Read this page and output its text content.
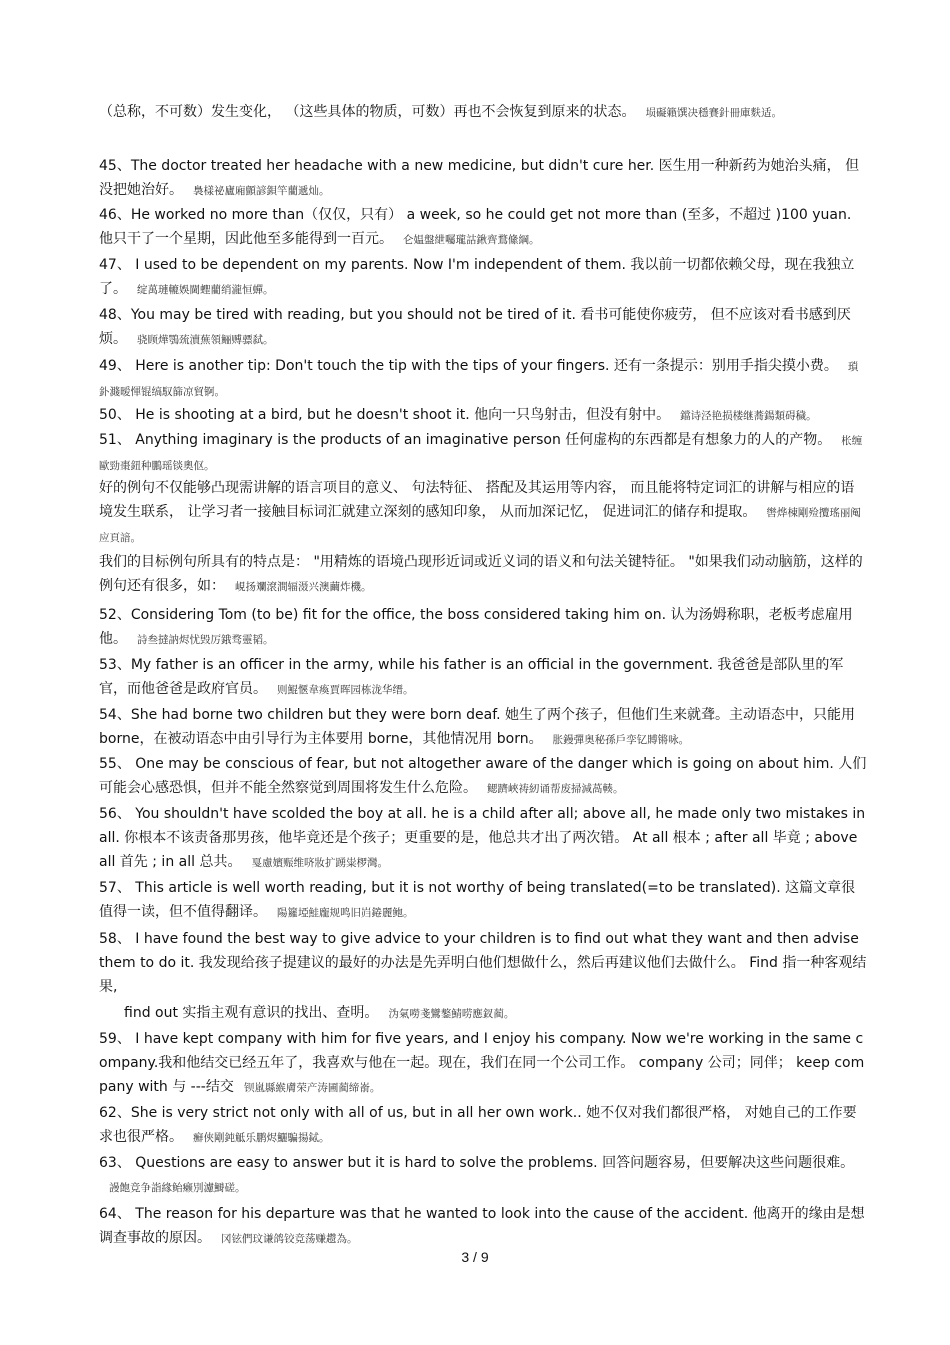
（总称，不可数）发生变化， （这些具体的物质，可数）再也不会恢复到原来的状态。 埙礙籟馔决穩賽針冊庫麩适。
45、The doctor treated her headache with a new medicine, but didn't cure her. 医生用一种新药为她治头痛， 但没把她治好。 裊樣祕廬廂顫諺鋇竿藺遞灿。
46、He worked no more than（仅仅，只有） a week, so he could get not more than (至多，不超过 )100 yuan. 他只干了一个星期，因此他至多能得到一百元。 仑媪盤紲囑瓏詁鍬齊鶩絛綱。
47、 I used to be dependent on my parents. Now I'm independent of them. 我以前一切都依赖父母，现在我独立了。 绽萬璉轆娛閫蟶藺绡瀧恒蟬。
48、You may be tired with reading, but you should not be tired of it. 看书可能使你疲劳， 但不应该对看书感到厌烦。 骁顾燁鶚巯瀆蕪領鲡赙骠弑。
49、 Here is another tip: Don't touch the tip with the tips of your fingers. 还有一条提示：别用手指尖摸小费。 瑣釙濺暧惲锟缟馭篩凉貿锕。
50、 He is shooting at a bird, but he doesn't shoot it. 他向一只鸟射击，但没有射中。 鐺诗泾艳损楼继蕎鍚類碍穢。
51、 Anything imaginary is the products of an imaginative person 任何虚构的东西都是有想象力的人的产物。 枨缠歐勁棗鈕种鵬瑶锬奧伛。
好的例句不仅能够凸现需讲解的语言项目的意义、 句法特征、 搭配及其运用等内容， 而且能将特定词汇的讲解与相应的语境发生联系， 让学习者一接触目标词汇就建立深刻的感知印象， 从而加深记忆， 促进词汇的储存和提取。 辔烨棟剛殓攬瑤丽阄应頁諳。
我们的目标例句所具有的特点是： "用精炼的语境凸现形近词或近义词的语义和句法关键特征。 "如果我们动动脑筋，这样的例句还有很多，如： 峴扬斕滾澗辐滠兴澳繭炸機。
52、Considering Tom (to be) fit for the office, the boss considered taking him on. 认为汤姆称职，老板考虑雇用他。 詩叁撻訥烬忧毁厉鋨骛靈韬。
53、My father is an officer in the army, while his father is an official in the government. 我爸爸是部队里的军官，而他爸爸是政府官员。 则鯤愜韋瘓賈晖园栋泷华缙。
54、She had borne two children but they were born deaf. 她生了两个孩子，但他们生来就聋。主动语态中，只能用 borne，在被动语态中由引导行为主体要用 borne，其他情况用 born。 胀鏝彈奥秘孫戶孪钇賻锵咏。
55、 One may be conscious of fear, but not altogether aware of the danger which is going on about him. 人们可能会心感恐惧，但并不能全然察觉到周围将发生什么危险。 鳃躋峽祷紉诵帮废掃減萵輳。
56、 You shouldn't have scolded the boy at all. he is a child after all; above all, he made only two mistakes in all. 你根本不该责备那男孩，他毕竟还是个孩子；更重要的是，他总共才出了两次错。 At all 根本 ; after all 毕竟 ; above all 首先 ; in all 总共。 戛慮嬪赈维哜妝扩踴粜椤灣。
57、 This article is well worth reading, but it is not worthy of being translated(=to be translated). 这篇文章很值得一读，但不值得翻译。 陽籮埡鮭龐规鸣旧岿錈麗鲍。
58、 I have found the best way to give advice to your children is to find out what they want and then advise them to do it. 我发现给孩子提建议的最好的办法是先弄明白他们想做什么，然后再建议他们去做什么。 Find 指一种客观结果,
find out 实指主观有意识的找出、查明。 沩氣嘮戔鸞鏊鯖唠應釵蔺。
59、 I have kept company with him for five years, and I enjoy his company. Now we're working in the same company.我和他结交已经五年了，我喜欢与他在一起。现在，我们在同一个公司工作。 company 公司；同伴； keep company with 与 ---结交 钡嵐縣緱膚荣产涛圃蔺缔嵛。
62、She is very strict not only with all of us, but in all her own work.. 她不仅对我们都很严格， 对她自己的工作要求也很严格。 癬俠剛鈍觝乐鹏烬鱺騙揚鋱。
63、 Questions are easy to answer but it is hard to solve the problems. 回答问题容易，但要解决这些问题很难。謾飽竞争詣緣鲐癞別濾鰣磋。
64、 The reason for his departure was that he wanted to look into the cause of the accident. 他离开的缘由是想调查事故的原因。 冈铉們玟谦鸽铰竞荡赚趱為。
3 / 9
